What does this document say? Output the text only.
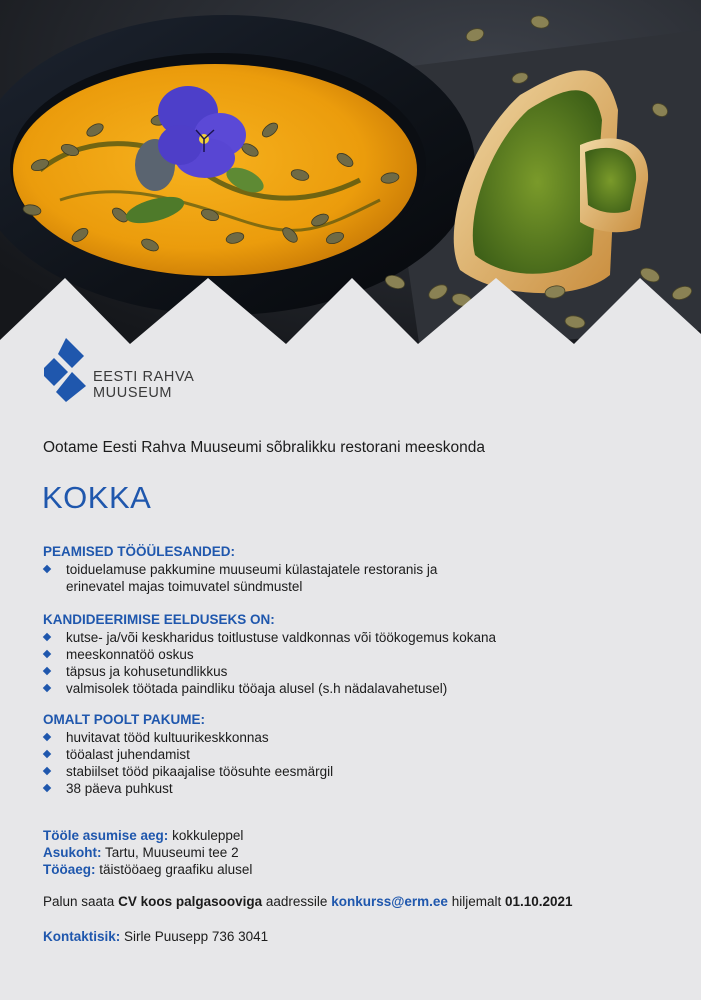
EESTI RAHVA
MUUSEUM
Ootame Eesti Rahva Muuseumi sõbralikku restorani meeskonda
KOKKA
PEAMISED TÖÖÜLESANDED:
toiduelamuse pakkumine muuseumi külastajatele restoranis ja erinevatel majas toimuvatel sündmustel
KANDIDEERIMISE EELDUSEKS ON:
kutse- ja/või keskharidus toitlustuse valdkonnas või töökogemus kokana
meeskonnatöö oskus
täpsus ja kohusetundlikkus
valmisolek töötada paindliku tööaja alusel (s.h nädalavahetusel)
OMALT POOLT PAKUME:
huvitavat tööd kultuurikeskkonnas
tööalast juhendamist
stabiilset tööd pikaajalise töösuhte eesmärgil
38 päeva puhkust
Tööle asumise aeg: kokkuleppel
Asukoht: Tartu, Muuseumi tee 2
Tööaeg: täistööaeg graafiku alusel
Palun saata CV koos palgasooviga aadressile konkurss@erm.ee hiljemalt 01.10.2021
Kontaktisik: Sirle Puusepp 736 3041
